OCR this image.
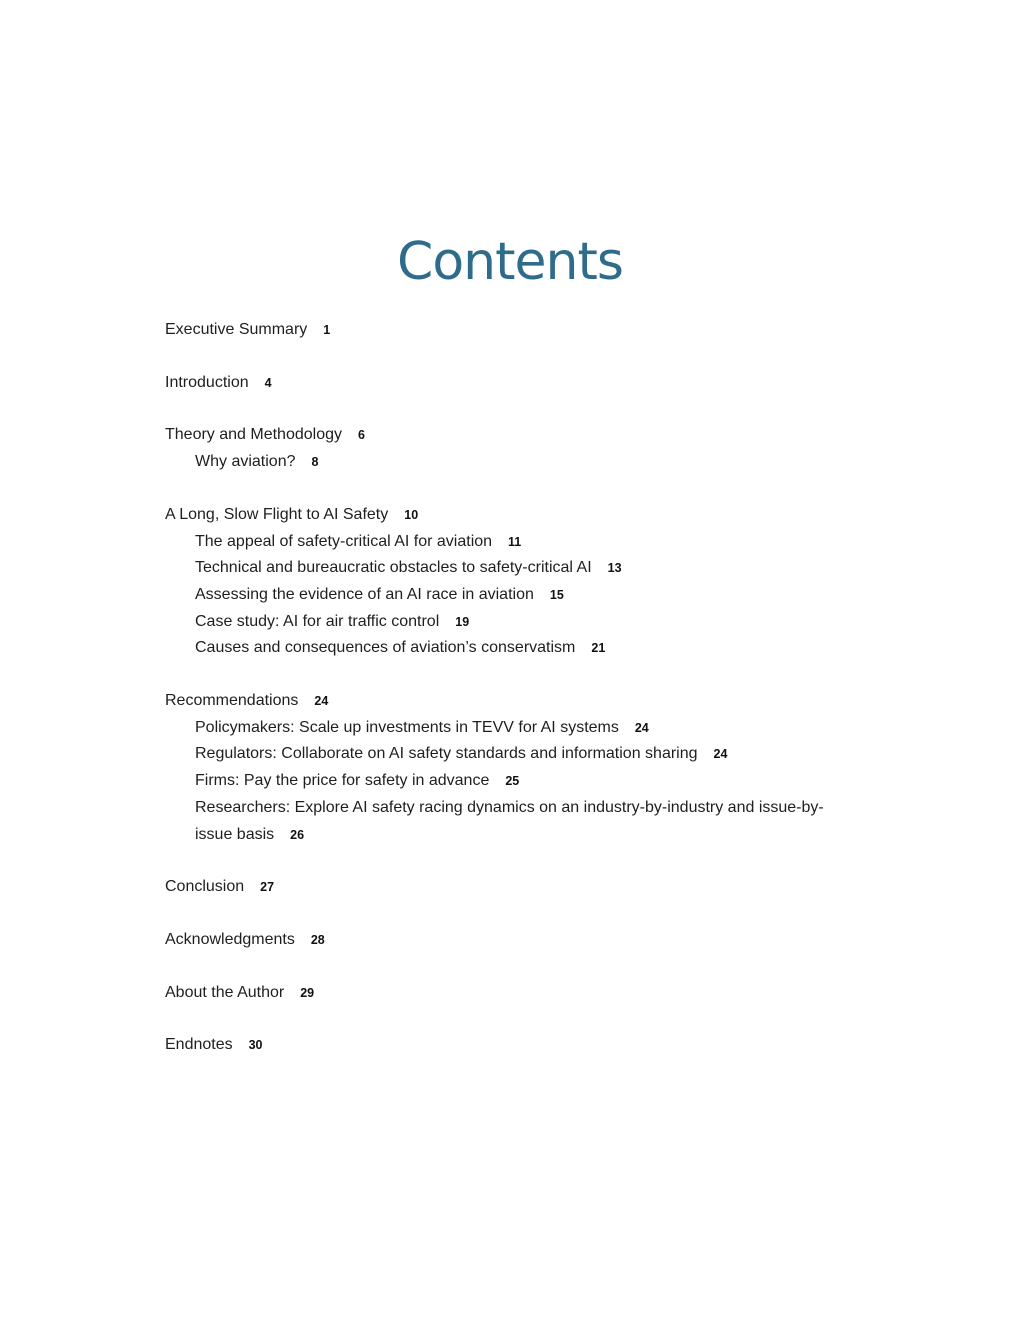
Contents
Executive Summary 1
Introduction 4
Theory and Methodology 6
Why aviation? 8
A Long, Slow Flight to AI Safety 10
The appeal of safety-critical AI for aviation 11
Technical and bureaucratic obstacles to safety-critical AI 13
Assessing the evidence of an AI race in aviation 15
Case study: AI for air traffic control 19
Causes and consequences of aviation’s conservatism 21
Recommendations 24
Policymakers: Scale up investments in TEVV for AI systems 24
Regulators: Collaborate on AI safety standards and information sharing 24
Firms: Pay the price for safety in advance 25
Researchers: Explore AI safety racing dynamics on an industry-by-industry and issue-by-issue basis 26
Conclusion 27
Acknowledgments 28
About the Author 29
Endnotes 30
